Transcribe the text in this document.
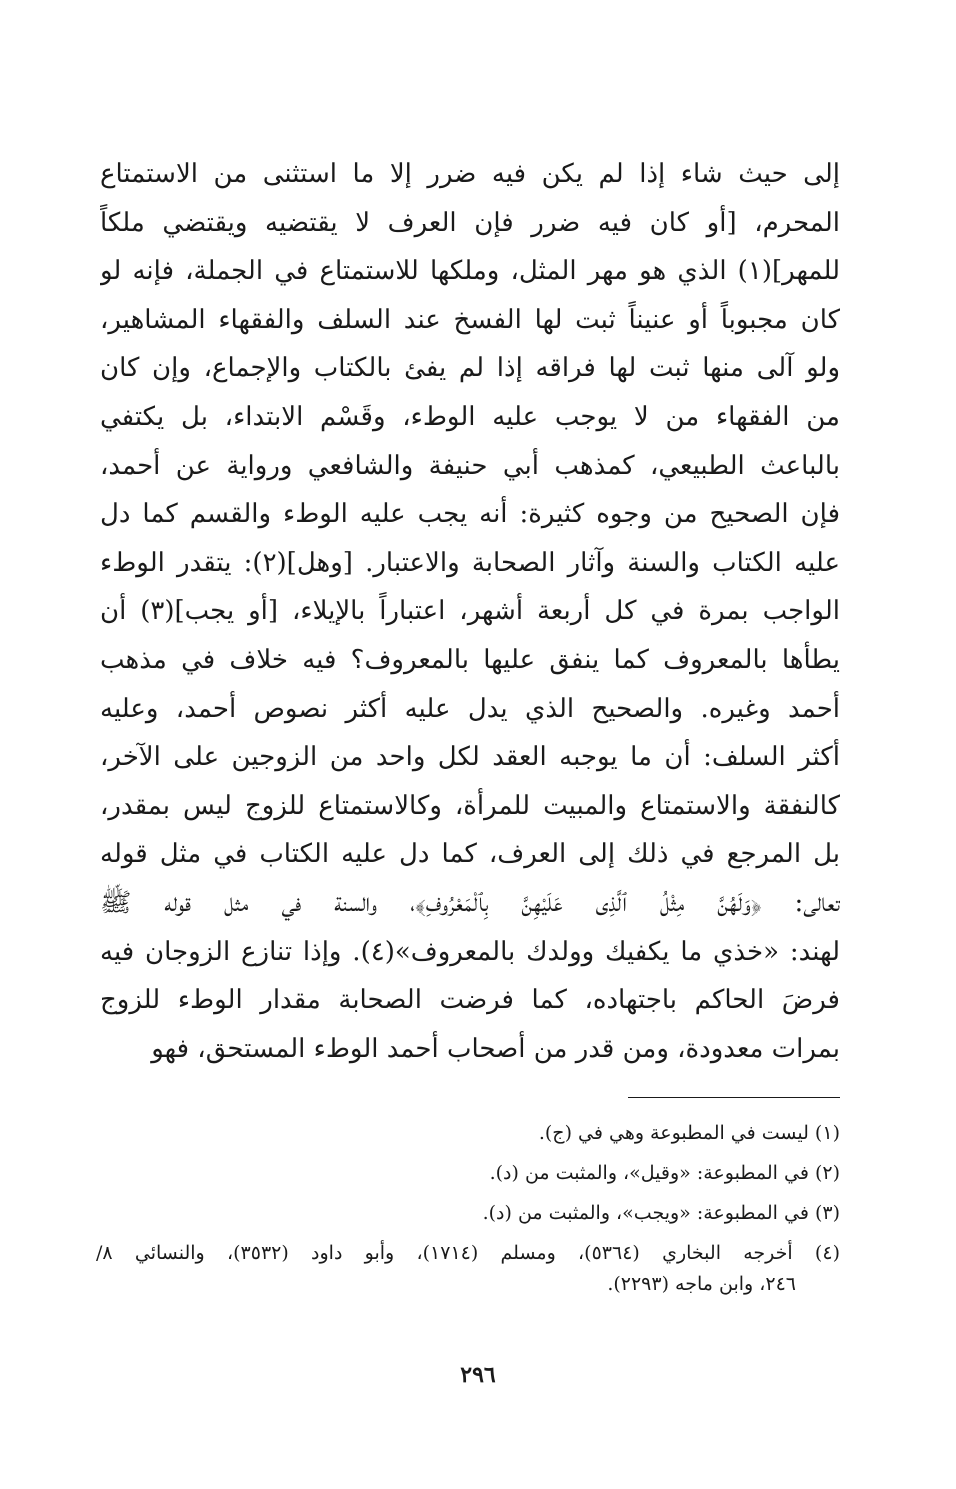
إلى حيث شاء إذا لم يكن فيه ضرر إلا ما استثنى من الاستمتاع
المحرم، [أو كان فيه ضرر فإن العرف لا يقتضيه ويقتضي ملكاً
للمهر](١) الذي هو مهر المثل، وملكها للاستمتاع في الجملة، فإنه لو
كان مجبوباً أو عنيناً ثبت لها الفسخ عند السلف والفقهاء المشاهير،
ولو آلى منها ثبت لها فراقه إذا لم يفئ بالكتاب والإجماع، وإن كان
من الفقهاء من لا يوجب عليه الوطء، وقَسْم الابتداء، بل يكتفي
بالباعث الطبيعي، كمذهب أبي حنيفة والشافعي ورواية عن أحمد،
فإن الصحيح من وجوه كثيرة: أنه يجب عليه الوطء والقسم كما دل
عليه الكتاب والسنة وآثار الصحابة والاعتبار. [وهل](٢): يتقدر الوطء
الواجب بمرة في كل أربعة أشهر، اعتباراً بالإيلاء، [أو يجب](٣) أن
يطأها بالمعروف كما ينفق عليها بالمعروف؟ فيه خلاف في مذهب
أحمد وغيره. والصحيح الذي يدل عليه أكثر نصوص أحمد، وعليه
أكثر السلف: أن ما يوجبه العقد لكل واحد من الزوجين على الآخر،
كالنفقة والاستمتاع والمبيت للمرأة، وكالاستمتاع للزوج ليس بمقدر،
بل المرجع في ذلك إلى العرف، كما دل عليه الكتاب في مثل قوله
تعالى: ﴿وَلَهُنَّ مِثْلُ ٱلَّذِى عَلَيْهِنَّ بِٱلْمَعْرُوفِ﴾، والسنة في مثل قوله ﷺ
لهند: «خذي ما يكفيك وولدك بالمعروف»(٤). وإذا تنازع الزوجان فيه
فرضَ الحاكم باجتهاده، كما فرضت الصحابة مقدار الوطء للزوج
بمرات معدودة، ومن قدر من أصحاب أحمد الوطء المستحق، فهو
(١) ليست في المطبوعة وهي في (ج).
(٢) في المطبوعة: «وقيل»، والمثبت من (د).
(٣) في المطبوعة: «ويجب»، والمثبت من (د).
(٤) أخرجه البخاري (٥٣٦٤)، ومسلم (١٧١٤)، وأبو داود (٣٥٣٢)، والنسائي ٨/
٢٤٦، وابن ماجه (٢٢٩٣).
٢٩٦
